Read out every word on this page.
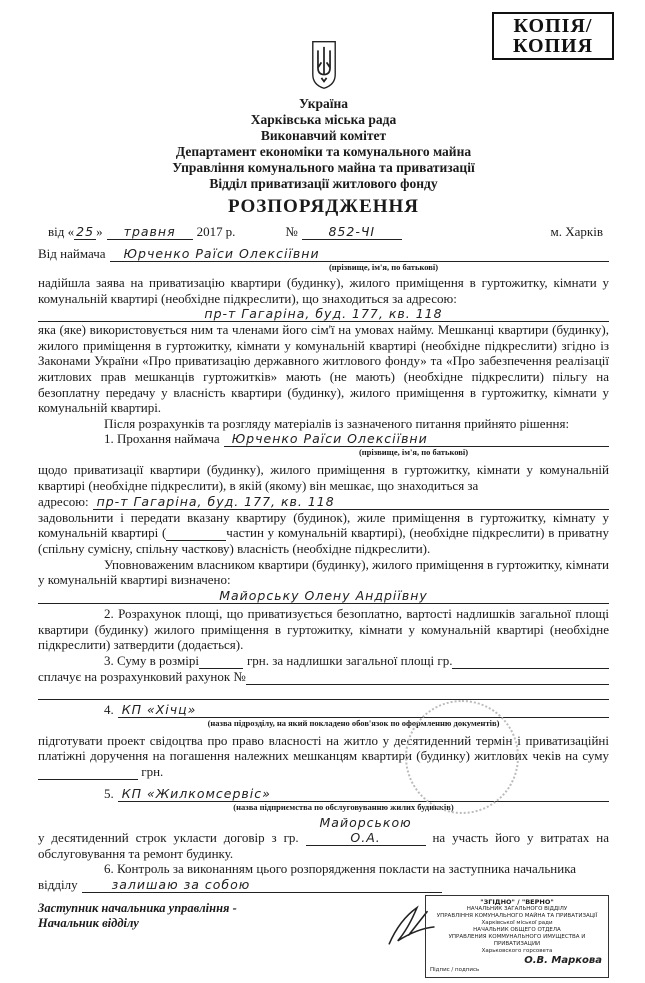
КОПІЯ/
КОПИЯ
Україна
Харківська міська рада
Виконавчий комітет
Департамент економіки та комунального майна
Управління комунального майна та приватизації
Відділ приватизації житлового фонду
РОЗПОРЯДЖЕННЯ
від « 25 »	травня	2017 р.	№	852-ЧІ	м. Харків
Від наймача	Юрченко Раїси Олексіївни
(прізвище, ім'я, по батькові)
надійшла заява на приватизацію квартири (будинку), жилого приміщення в гуртожитку, кімнати у комунальній квартирі (необхідне підкреслити), що знаходиться за адресою:
пр-т Гагаріна, буд. 177, кв. 118
яка (яке) використовується ним та членами його сім'ї на умовах найму. Мешканці квартири (будинку), жилого приміщення в гуртожитку, кімнати у комунальній квартирі (необхідне підкреслити) згідно із Законами України «Про приватизацію державного житлового фонду» та «Про забезпечення реалізації житлових прав мешканців гуртожитків» мають (не мають) (необхідне підкреслити) пільгу на безоплатну передачу у власність квартири (будинку), жилого приміщення в гуртожитку, кімнати у комунальній квартирі.
Після розрахунків та розгляду матеріалів із зазначеного питання прийнято рішення:
1. Прохання наймача Юрченко Раїси Олексіївни
(прізвище, ім'я, по батькові)
щодо приватизації квартири (будинку), жилого приміщення в гуртожитку, кімнати у комунальній квартирі (необхідне підкреслити), в якій (якому) він мешкає, що знаходиться за
адресою: пр-т Гагаріна, буд. 177, кв. 118
задовольнити і передати вказану квартиру (будинок), жиле приміщення в гуртожитку, кімнату у комунальній квартирі (	частин у комунальній квартирі), (необхідне підкреслити) в приватну (спільну сумісну, спільну часткову) власність (необхідне підкреслити).
Уповноваженим власником квартири (будинку), жилого приміщення в гуртожитку, кімнати у комунальній квартирі визначено:
Майорську Олену Андріївну
2. Розрахунок площі, що приватизується безоплатно, вартості надлишків загальної площі квартири (будинку) жилого приміщення в гуртожитку, кімнати у комунальній квартирі (необхідне підкреслити) затвердити (додається).
3. Суму в розмірі
	грн. за надлишки загальної площі гр.

сплачує на розрахунковий рахунок №

4. КП «Хічц»
(назва підрозділу, на який покладено обов'язок по оформленню документів)
підготувати проект свідоцтва про право власності на житло у десятиденний термін і приватизаційні платіжні доручення на погашення належних мешканцям квартири (будинку) житлових чеків на суму  грн.
5. КП «Жилкомсервіс»
(назва підприємства по обслуговуванню жилих будинків)
у десятиденний строк укласти договір з гр. Майорською О.А.	на участь його у витратах на обслуговування та ремонт будинку.
6. Контроль за виконанням цього розпорядження покласти на заступника начальника
відділу	залишаю за собою
Заступник начальника управління -
Начальник відділу
"ЗГІДНО" / "ВЕРНО"
НАЧАЛЬНИК ЗАГАЛЬНОГО ВІДДІЛУ
УПРАВЛІННЯ КОМУНАЛЬНОГО МАЙНА ТА ПРИВАТИЗАЦІЇ
Харківської міської ради
НАЧАЛЬНИК ОБЩЕГО ОТДЕЛА
УПРАВЛЕНИЯ КОММУНАЛЬНОГО ИМУЩЕСТВА И ПРИВАТИЗАЦИИ
Харьковского горсовета
О.В. Маркова
Підпис / подпись
